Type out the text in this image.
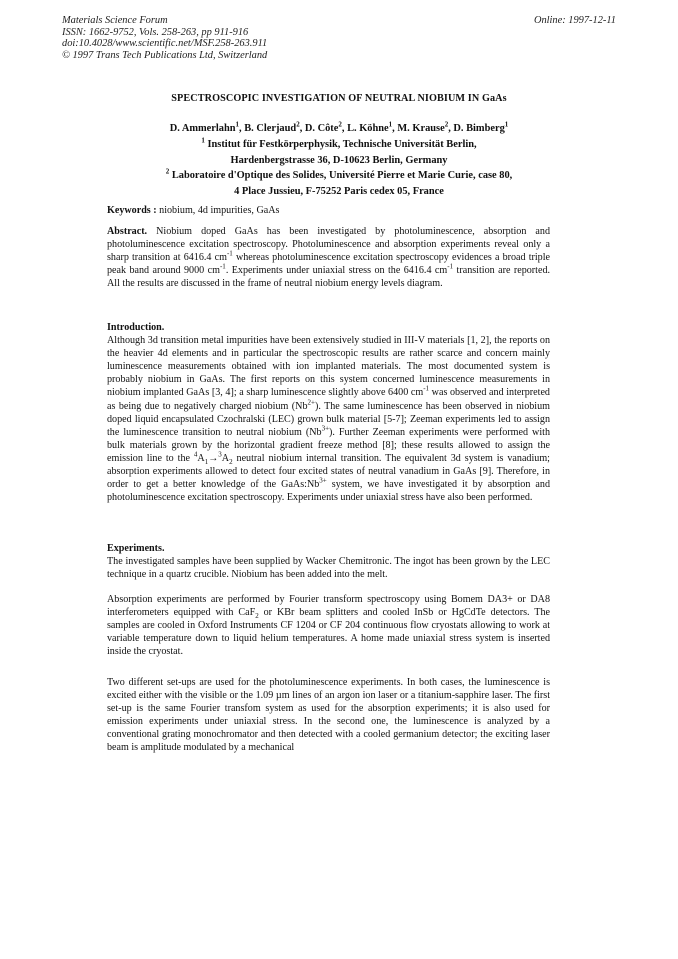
Materials Science Forum
ISSN: 1662-9752, Vols. 258-263, pp 911-916
doi:10.4028/www.scientific.net/MSF.258-263.911
© 1997 Trans Tech Publications Ltd, Switzerland
Online: 1997-12-11
SPECTROSCOPIC INVESTIGATION OF NEUTRAL NIOBIUM IN GaAs
D. Ammerlahn$^1$, B. Clerjaud$^2$, D. Côte$^2$, L. Köhne$^1$, M. Krause$^2$, D. Bimberg$^1$
$^1$ Institut für Festkörperphysik, Technische Universität Berlin,
Hardenbergstrasse 36, D-10623 Berlin, Germany
$^2$ Laboratoire d'Optique des Solides, Université Pierre et Marie Curie, case 80,
4 Place Jussieu, F-75252 Paris cedex 05, France

Keywords : niobium, 4d impurities, GaAs

Abstract. Niobium doped GaAs has been investigated by photoluminescence, absorption and photoluminescence excitation spectroscopy. Photoluminescence and absorption experiments reveal only a sharp transition at 6416.4 $cm^{-1}$ whereas photoluminescence excitation spectroscopy evidences a broad triple peak band around 9000 $cm^{-1}$. Experiments under uniaxial stress on the 6416.4 $cm^{-1}$ transition are reported. All the results are discussed in the frame of neutral niobium energy levels diagram.

Introduction.

Although 3d transition metal impurities have been extensively studied in III-V materials [1, 2], the reports on the heavier 4d elements and in particular the spectroscopic results are rather scarce and concern mainly luminescence measurements obtained with ion implanted materials. The most documented system is probably niobium in GaAs. The first reports on this system concerned luminescence measurements in niobium implanted GaAs [3, 4]; a sharp luminescence slightly above 6400 $cm^{-1}$ was observed and interpreted as being due to negatively charged niobium $(Nb^{2+})$. The same luminescence has been observed in niobium doped liquid encapsulated Czochralski (LEC) grown bulk material [5-7]; Zeeman experiments led to assign the luminescence transition to neutral niobium $(Nb^{3+})$. Further Zeeman experiments were performed with bulk materials grown by the horizontal gradient freeze method [8]; these results allowed to assign the emission line to the $^4A_1\to^3A_2$ neutral niobium internal transition. The equivalent 3d system is vanadium; absorption experiments allowed to detect four excited states of neutral vanadium in GaAs [9]. Therefore, in order to get a better knowledge of the $GaAs:Nb^{3+}$ system, we have investigated it by absorption and photoluminescence excitation spectroscopy. Experiments under uniaxial stress have also been performed.

Experiments.

The investigated samples have been supplied by Wacker Chemitronic. The ingot has been grown by the LEC technique in a quartz crucible. Niobium has been added into the melt.

Absorption experiments are performed by Fourier transform spectroscopy using Bomem DA3+ or DA8 interferometers equipped with CaF$_2$ or KBr beam splitters and cooled InSb or HgCdTe detectors. The samples are cooled in Oxford Instruments CF 1204 or CF 204 continuous flow cryostats allowing to work at variable temperature down to liquid helium temperatures. A home made uniaxial stress system is inserted inside the cryostat.

Two different set-ups are used for the photoluminescence experiments. In both cases, the luminescence is excited either with the visible or the 1.09 µm lines of an argon ion laser or a titanium-sapphire laser. The first set-up is the same Fourier transfom system as used for the absorption experiments; it is also used for emission experiments under uniaxial stress. In the second one, the luminescence is analyzed by a conventional grating monochromator and then detected with a cooled germanium detector; the exciting laser beam is amplitude modulated by a mechanical
